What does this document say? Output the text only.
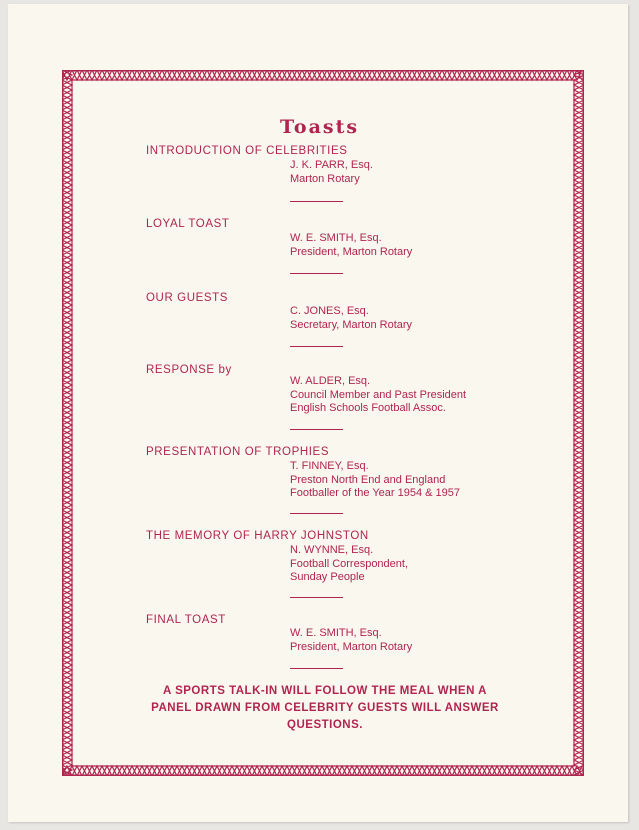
Toasts
INTRODUCTION OF CELEBRITIES
J. K. PARR, Esq.
Marton Rotary
LOYAL TOAST
W. E. SMITH, Esq.
President, Marton Rotary
OUR GUESTS
C. JONES, Esq.
Secretary, Marton Rotary
RESPONSE by
W. ALDER, Esq.
Council Member and Past President
English Schools Football Assoc.
PRESENTATION OF TROPHIES
T. FINNEY, Esq.
Preston North End and England
Footballer of the Year 1954 & 1957
THE MEMORY OF HARRY JOHNSTON
N. WYNNE, Esq.
Football Correspondent,
Sunday People
FINAL TOAST
W. E. SMITH, Esq.
President, Marton Rotary
A SPORTS TALK-IN WILL FOLLOW THE MEAL WHEN A
PANEL DRAWN FROM CELEBRITY GUESTS WILL ANSWER
QUESTIONS.
